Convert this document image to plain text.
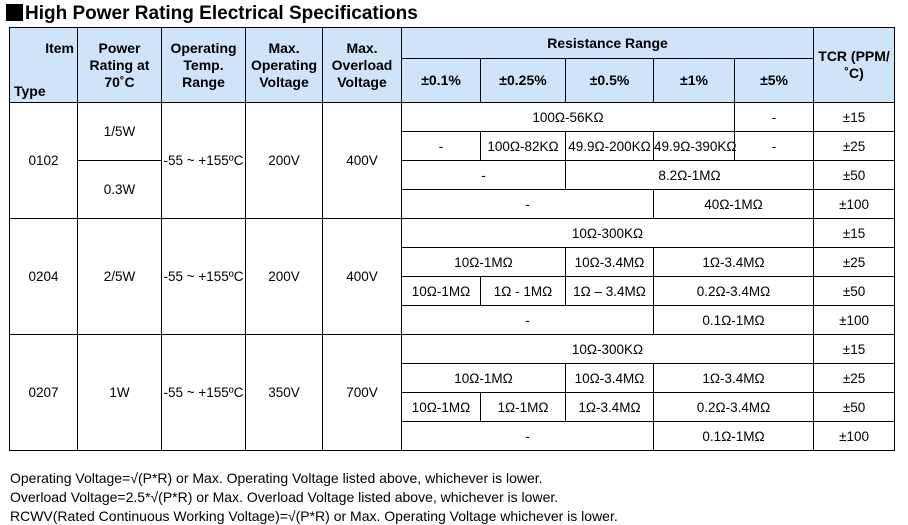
High Power Rating Electrical Specifications
Item
Type	Power Rating at 70˚C	Operating Temp. Range	Max. Operating Voltage	Max. Overload Voltage	Resistance Range					TCR (PPM/˚C)
					±0.1%	±0.25%	±0.5%	±1%	±5%	
0102	1/5W	-55 ~ +155ºC	200V	400V	100Ω-56KΩ				-	±15
					-	100Ω-82KΩ	49.9Ω-200KΩ	49.9Ω-390KΩ	-	±25
	0.3W				-		8.2Ω-1MΩ			±50
					-			40Ω-1MΩ		±100
0204	2/5W	-55 ~ +155ºC	200V	400V	10Ω-300KΩ					±15
					10Ω-1MΩ		10Ω-3.4MΩ	1Ω-3.4MΩ		±25
					10Ω-1MΩ	1Ω - 1MΩ	1Ω – 3.4MΩ	0.2Ω-3.4MΩ		±50
					-			0.1Ω-1MΩ		±100
0207	1W	-55 ~ +155ºC	350V	700V	10Ω-300KΩ					±15
					10Ω-1MΩ		10Ω-3.4MΩ	1Ω-3.4MΩ		±25
					10Ω-1MΩ	1Ω-1MΩ	1Ω-3.4MΩ	0.2Ω-3.4MΩ		±50
					-			0.1Ω-1MΩ		±100
Operating Voltage=√(P*R) or Max. Operating Voltage listed above, whichever is lower.
Overload Voltage=2.5*√(P*R) or Max. Overload Voltage listed above, whichever is lower.
RCWV(Rated Continuous Working Voltage)=√(P*R) or Max. Operating Voltage whichever is lower.
